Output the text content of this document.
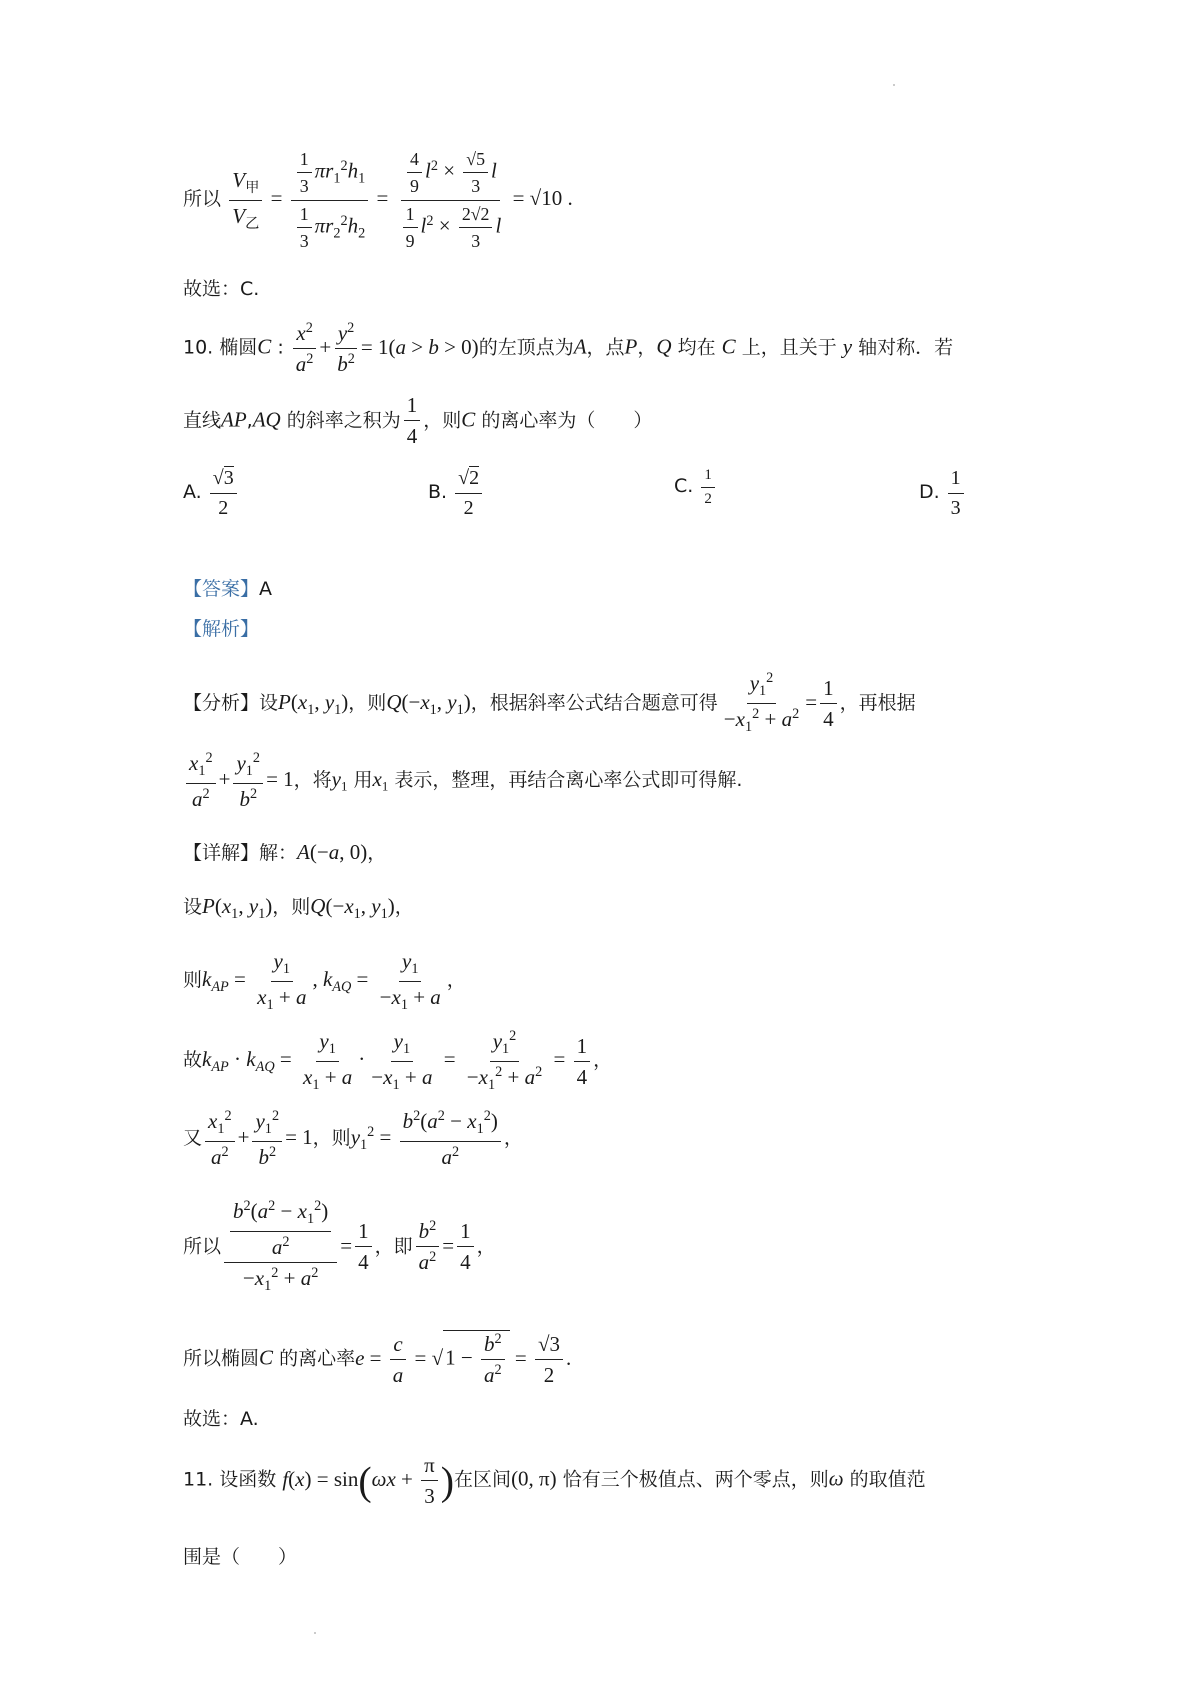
所以 $\frac{V_甲}{V_乙} = \frac{\frac{1}{3} \pi r_1^2h_1}{\frac{1}{3} \pi r_2^2h_2} = \frac{\frac{4}{9} l^2 \times \frac{√5}{3} l}{\frac{1}{9} l^2 \times \frac{2√2}{3} l} = √10$ .
故选：C.
10. 椭圆C : $\frac{x^2}{a^2} + \frac{y^2}{b^2} = 1(a > b > 0)$的左顶点为A，点P，Q 均在 C 上，且关于 y 轴对称．若
直线AP,AQ 的斜率之积为 $\frac{1}{4}$ ，则C 的离心率为（　　）
A. $\frac{√3}{2}$	B. $\frac{√2}{2}$	C. $\frac{1}{2}$	D. $\frac{1}{3}$
【答案】A
【解析】
【分析】设$P(x_1$, $y_1$)，则$Q(-x_1$, $y_1$)，根据斜率公式结合题意可得 $\frac{y_1^2}{-x_1^2 + a^2} = \frac{1}{4}$ ，再根据
$\frac{x_1^2}{a^2} + \frac{y_1^2}{b^2} = 1$，将$y_1$ 用$x_1$ 表示，整理，再结合离心率公式即可得解.
【详解】解：A(−a, 0)，
设$P(x_1$, $y_1$)，则$Q(-x_1$, $y_1$)，
则$k_{AP} = \frac{y_1}{x_1 + a}$ , $k_{AQ} = \frac{y_1}{-x_1 + a}$ ，
故$k_{AP} \cdot k_{AQ} = \frac{y_1}{x_1 + a} \cdot \frac{y_1}{-x_1 + a} = \frac{y_1^2}{-x_1^2 + a^2} = \frac{1}{4}$ ，
又 $\frac{x_1^2}{a^2} + \frac{y_1^2}{b^2} = 1$，则$y_1^2 = \frac{b^2(a^2 - x_1^2)}{a^2}$ ，
所以 $\frac{\frac{b^2(a^2 - x_1^2)}{a^2}}{-x_1^2 + a^2} = \frac{1}{4}$ ，即 $\frac{b^2}{a^2} = \frac{1}{4}$ ，
所以椭圆C 的离心率$e = \frac{c}{a} = √1 - \frac{b^2}{a^2} = \frac{√3}{2}$ .
故选：A.
11. 设函数 $f(x) = \sin(\omega x + \frac{\pi}{3}$ )在区间(0, π) 恰有三个极值点、两个零点，则ω 的取值范
围是（　　）
